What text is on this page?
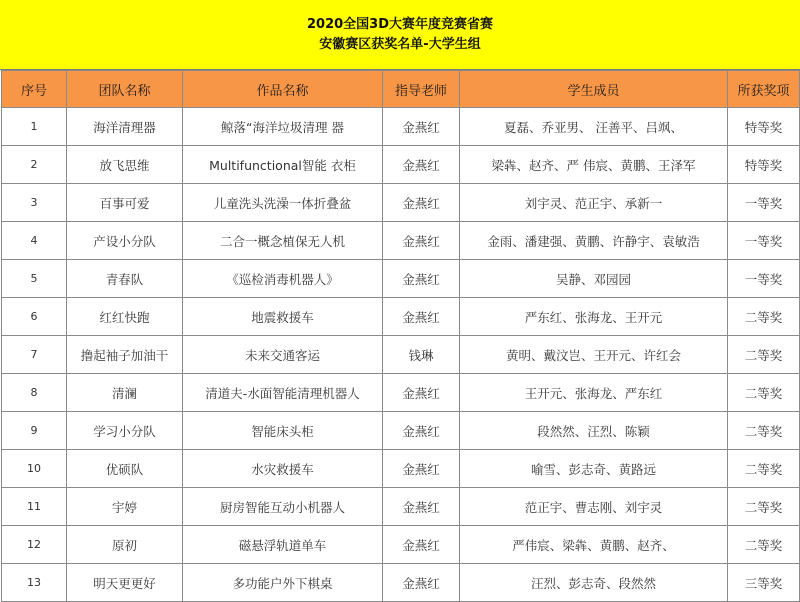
2020全国3D大赛年度竞赛省赛
安徽赛区获奖名单-大学生组
序号	团队名称	作品名称	指导老师	学生成员	所获奖项
1	海洋清理器	鲸落“海洋垃圾清理 器	金燕红	夏磊、乔亚男、 汪善平、吕飒、	特等奖
2	放飞思维	Multifunctional智能 衣柜	金燕红	梁犇、赵齐、严 伟宸、黄鹏、王泽军	特等奖
3	百事可爱	儿童洗头洗澡一体折叠盆	金燕红	刘宇灵、范正宇、承新一	一等奖
4	产设小分队	二合一概念植保无人机	金燕红	金雨、潘建强、黄鹏、许静宇、袁敏浩	一等奖
5	青春队	《巡检消毒机器人》	金燕红	吴静、邓园园	一等奖
6	红红快跑	地震救援车	金燕红	严东红、张海龙、王开元	二等奖
7	撸起袖子加油干	未来交通客运	钱琳	黄明、戴汶岂、王开元、许红会	二等奖
8	清澜	清道夫-水面智能清理机器人	金燕红	王开元、张海龙、严东红	二等奖
9	学习小分队	智能床头柜	金燕红	段然然、汪烈、陈颖	二等奖
10	优硕队	水灾救援车	金燕红	喻雪、彭志奇、黄路远	二等奖
11	宇婷	厨房智能互动小机器人	金燕红	范正宇、曹志刚、刘宇灵	二等奖
12	原初	磁悬浮轨道单车	金燕红	严伟宸、梁犇、黄鹏、赵齐、	二等奖
13	明天更更好	多功能户外下棋桌	金燕红	汪烈、彭志奇、段然然	三等奖
